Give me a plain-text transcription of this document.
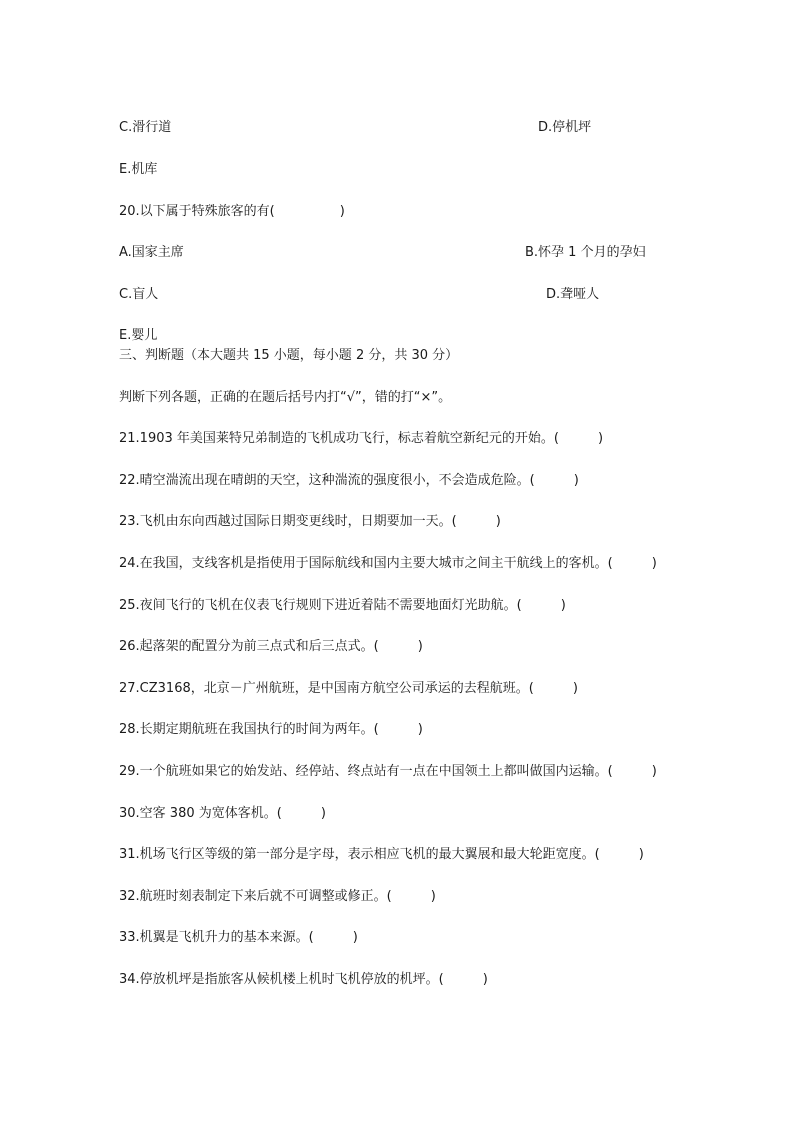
C.滑行道	D.停机坪
E.机库
20.以下属于特殊旅客的有(　　　　　)
A.国家主席	B.怀孕 1 个月的孕妇
C.盲人	D.聋哑人
E.婴儿
三、判断题（本大题共 15 小题，每小题 2 分，共 30 分）
判断下列各题，正确的在题后括号内打“√”，错的打“×”。
21.1903 年美国莱特兄弟制造的飞机成功飞行，标志着航空新纪元的开始。(　　　)
22.晴空湍流出现在晴朗的天空，这种湍流的强度很小，不会造成危险。(　　　)
23.飞机由东向西越过国际日期变更线时，日期要加一天。(　　　)
24.在我国，支线客机是指使用于国际航线和国内主要大城市之间主干航线上的客机。(　　　)
25.夜间飞行的飞机在仪表飞行规则下进近着陆不需要地面灯光助航。(　　　)
26.起落架的配置分为前三点式和后三点式。(　　　)
27.CZ3168，北京－广州航班，是中国南方航空公司承运的去程航班。(　　　)
28.长期定期航班在我国执行的时间为两年。(　　　)
29.一个航班如果它的始发站、经停站、终点站有一点在中国领土上都叫做国内运输。(　　　)
30.空客 380 为宽体客机。(　　　)
31.机场飞行区等级的第一部分是字母，表示相应飞机的最大翼展和最大轮距宽度。(　　　)
32.航班时刻表制定下来后就不可调整或修正。(　　　)
33.机翼是飞机升力的基本来源。(　　　)
34.停放机坪是指旅客从候机楼上机时飞机停放的机坪。(　　　)
